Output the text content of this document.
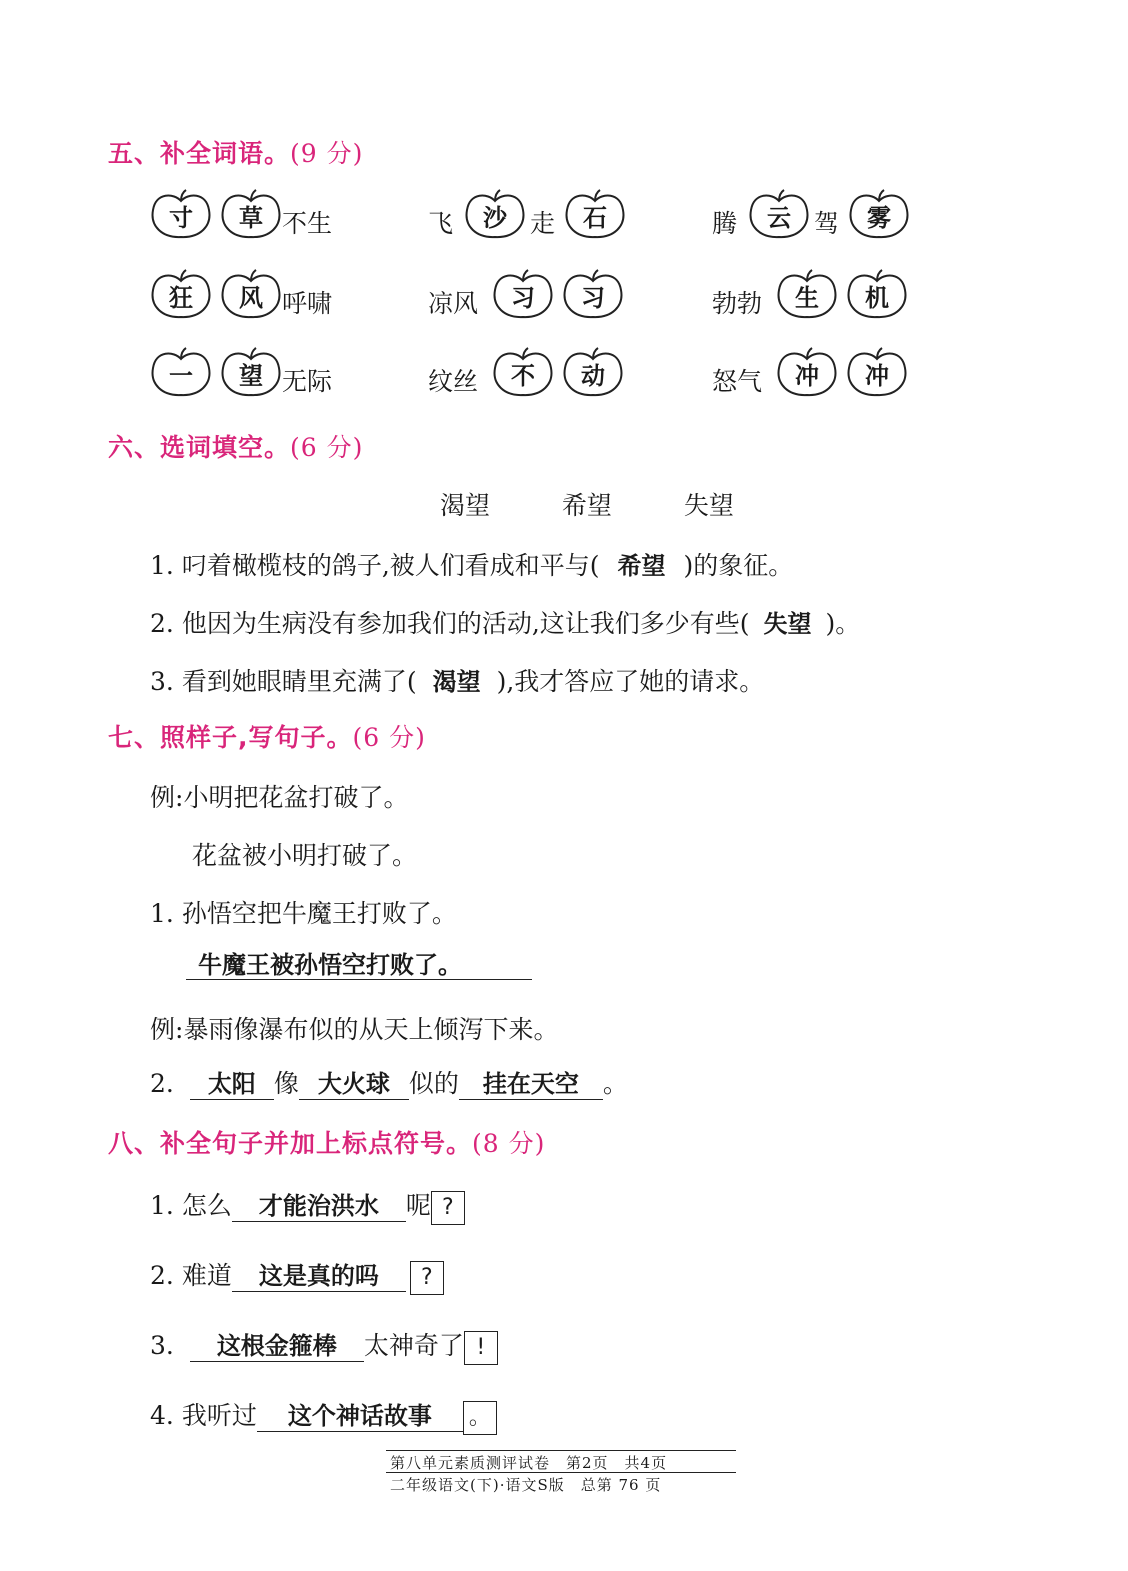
五、补全词语。(9 分)
寸	草 不生	飞	沙 走	石	腾	云 驾	雾
狂	风 呼啸	凉风	习	习	勃勃	生	机
一	望 无际	纹丝	不	动	怒气	冲	冲
六、选词填空。(6 分)
渴望	希望	失望
1. 叼着橄榄枝的鸽子,被人们看成和平与( 希望 )的象征。
2. 他因为生病没有参加我们的活动,这让我们多少有些( 失望 )。
3. 看到她眼睛里充满了( 渴望 ),我才答应了她的请求。
七、照样子,写句子。(6 分)
例:小明把花盆打破了。
花盆被小明打破了。
1. 孙悟空把牛魔王打败了。
牛魔王被孙悟空打败了。
例:暴雨像瀑布似的从天上倾泻下来。
2. 太阳 像 大火球 似的 挂在天空 。
八、补全句子并加上标点符号。(8 分)
1. 怎么 才能治洪水 呢 ?
2. 难道 这是真的吗 ?
3. 这根金箍棒 太神奇了 !
4. 我听过 这个神话故事 。
第八单元素质测评试卷　第2页　共4页
二年级语文(下)·语文S版　总第 76 页
